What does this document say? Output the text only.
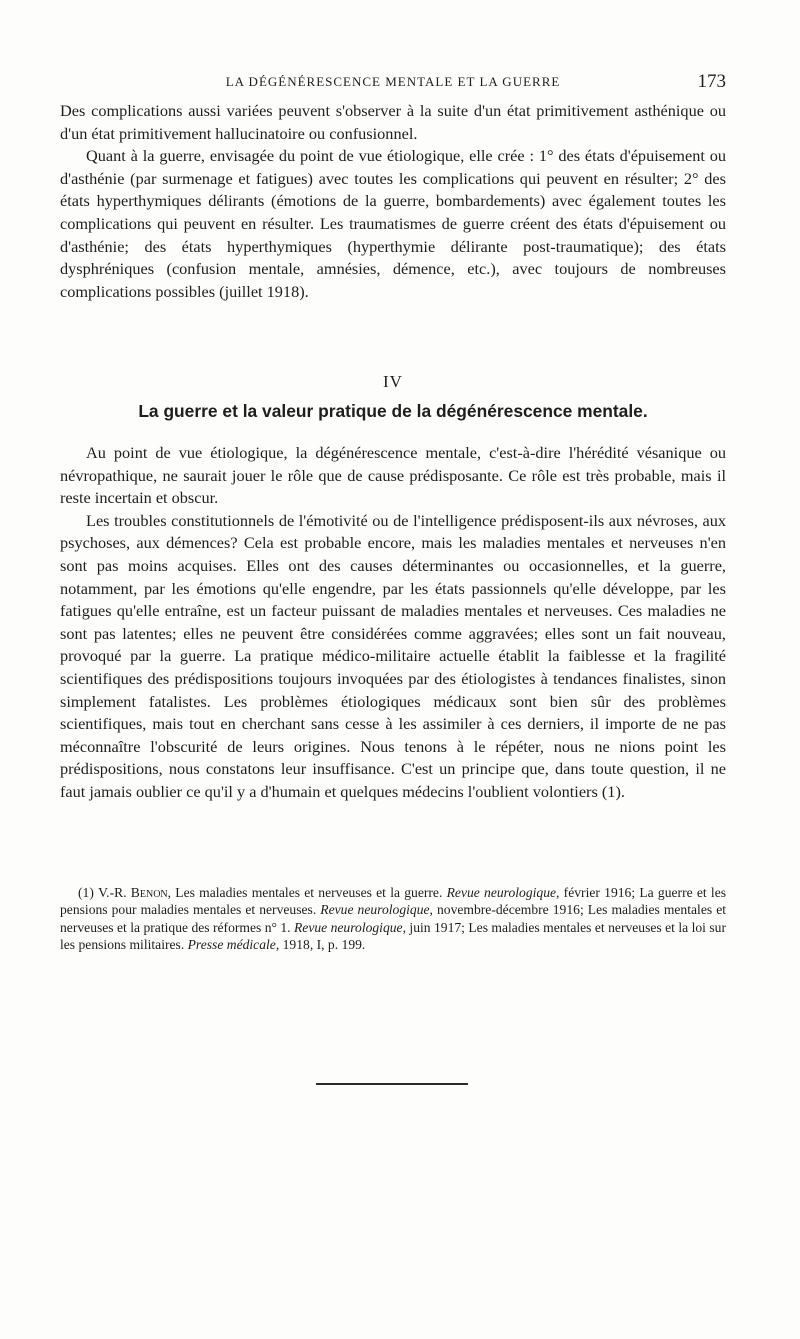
LA DÉGÉNÉRESCENCE MENTALE ET LA GUERRE	173

Des complications aussi variées peuvent s'observer à la suite d'un état primitivement asthénique ou d'un état primitivement hallucinatoire ou confusionnel.

Quant à la guerre, envisagée du point de vue étiologique, elle crée : 1° des états d'épuisement ou d'asthénie (par surmenage et fatigues) avec toutes les complications qui peuvent en résulter; 2° des états hyperthymiques délirants (émotions de la guerre, bombardements) avec également toutes les complications qui peuvent en résulter. Les traumatismes de guerre créent des états d'épuisement ou d'asthénie; des états hyperthymiques (hyperthymie délirante post-traumatique); des états dysphréniques (confusion mentale, amnésies, démence, etc.), avec toujours de nombreuses complications possibles (juillet 1918).

IV
La guerre et la valeur pratique de la dégénérescence mentale.

Au point de vue étiologique, la dégénérescence mentale, c'est-à-dire l'hérédité vésanique ou névropathique, ne saurait jouer le rôle que de cause prédisposante. Ce rôle est très probable, mais il reste incertain et obscur.

Les troubles constitutionnels de l'émotivité ou de l'intelligence prédisposent-ils aux névroses, aux psychoses, aux démences? Cela est probable encore, mais les maladies mentales et nerveuses n'en sont pas moins acquises. Elles ont des causes déterminantes ou occasionnelles, et la guerre, notamment, par les émotions qu'elle engendre, par les états passionnels qu'elle développe, par les fatigues qu'elle entraîne, est un facteur puissant de maladies mentales et nerveuses. Ces maladies ne sont pas latentes; elles ne peuvent être considérées comme aggravées; elles sont un fait nouveau, provoqué par la guerre. La pratique médico-militaire actuelle établit la faiblesse et la fragilité scientifiques des prédispositions toujours invoquées par des étiologistes à tendances finalistes, sinon simplement fatalistes. Les problèmes étiologiques médicaux sont bien sûr des problèmes scientifiques, mais tout en cherchant sans cesse à les assimiler à ces derniers, il importe de ne pas méconnaître l'obscurité de leurs origines. Nous tenons à le répéter, nous ne nions point les prédispositions, nous constatons leur insuffisance. C'est un principe que, dans toute question, il ne faut jamais oublier ce qu'il y a d'humain et quelques médecins l'oublient volontiers (1).

(1) V.-R. Benon, Les maladies mentales et nerveuses et la guerre. Revue neurologique, février 1916; La guerre et les pensions pour maladies mentales et nerveuses. Revue neurologique, novembre-décembre 1916; Les maladies mentales et nerveuses et la pratique des réformes n° 1. Revue neurologique, juin 1917; Les maladies mentales et nerveuses et la loi sur les pensions militaires. Presse médicale, 1918, I, p. 199.
